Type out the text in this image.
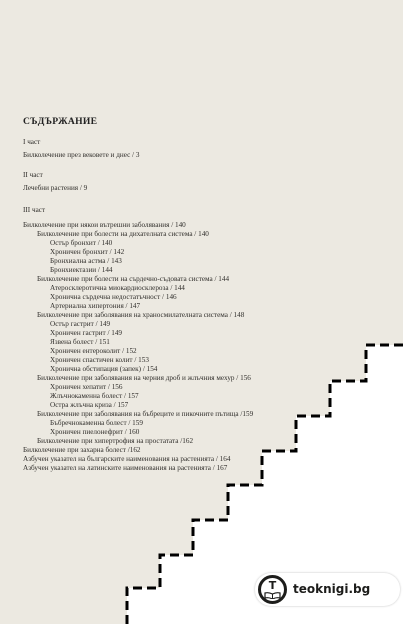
СЪДЪРЖАНИЕ
I част
Билколечение през вековете и днес / 3
II част
Лечебни растения / 9
III част
Билколечение при някои вътрешни заболявания / 140
Билколечение при болести на дихателната система / 140
Остър бронхит / 140
Хроничен бронхит / 142
Бронхиална астма / 143
Бронхиектазии / 144
Билколечение при болести на сърдечно-съдовата система / 144
Атеросклеротична миокардиосклероза / 144
Хронична сърдечна недостатъчност / 146
Артериална хипертония / 147
Билколечение при заболявания на храносмилателната система / 148
Остър гастрит / 149
Хроничен гастрит / 149
Язвена болест / 151
Хроничен ентероколит / 152
Хроничен спастичен колит / 153
Хронична обстипация (запек) / 154
Билколечение при заболявания на черния дроб и жлъчния мехур / 156
Хроничен хепатит / 156
Жлъчнокаменна болест / 157
Остра жлъчна криза / 157
Билколечение при заболявания на бъбреците и пикочните пътища /159
Бъбречнокаменна болест / 159
Хроничен пиелонефрит / 160
Билколечение при хипертрофия на простатата /162
Билколечение при захарна болест /162
Азбучен указател на българските наименования на растенията / 164
Азбучен указател на латинските наименования на растенията / 167
T	teoknigi.bg
